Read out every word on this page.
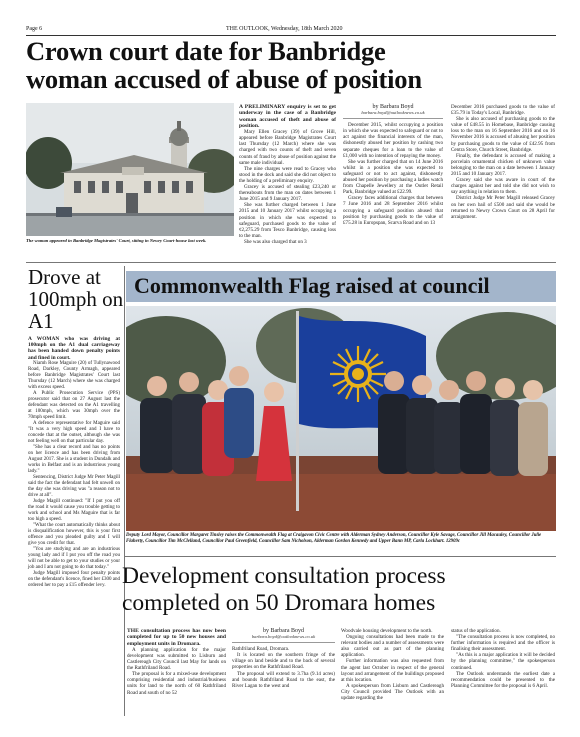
Page 6	THE OUTLOOK, Wednesday, 18th March 2020
Crown court date for Banbridge
woman accused of abuse of position
The woman appeared in Banbridge Magistrates' Court, sitting in Newry Court-house last week.

A PRELIMINARY enquiry is set to get underway in the case of a Banbridge woman accused of theft and abuse of position.

Mary Ellen Gracey (39) of Grove Hill, appeared before Banbridge Magistrates Court last Thursday (12 March) where she was charged with two counts of theft and seven counts of fraud by abuse of position against the same male individual.

The nine charges were read to Gracey who stood in the dock and said she did not object to the holding of a preliminary enquiry.

Gracey is accused of stealing £23,240 or thereabouts from the man on dates between 1 June 2015 and 9 January 2017.

She was further charged between 1 June 2015 and 10 January 2017 whilst occupying a position in which she was expected to safeguard, purchased goods to the value of ¢2,275.29 from Tesco Banbridge, causing loss to the man.

She was also charged that on 3

by Barbara Boyd
barbara.boyd@outlooknews.co.uk

December 2015, whilst occupying a position in which she was expected to safeguard or not to act against the financial interests of the man, dishonestly abused her position by cashing two separate cheques for a loan to the value of £1,000 with no intention of repaying the money.

She was further charged that on 14 June 2016 whilst in a position she was expected to safeguard or not to act against, dishonestly abused her position by purchasing a ladies watch from Chapelle Jewellery at the Outlet Retail Park, Banbridge valued at £22.99.

Gracey faces additional charges that between 7 June 2016 and 28 September 2016 whilst occupying a safeguard position abused that position by purchasing goods to the value of £75.28 in Europspan, Scarva Road and on 13

December 2016 purchased goods to the value of £35.79 in Today's Local, Banbridge.

She is also accused of purchasing goods to the value of £48.55 in Homebase, Banbridge causing loss to the man on 16 September 2016 and on 16 November 2016 is accused of abusing her position by purchasing goods to the value of £42.95 from Centra Store, Church Street, Banbridge.

Finally, the defendant is accused of making a porcelain ornamental chicken of unknown value belonging to the man on a date between 1 January 2015 and 10 January 2017.

Gracey said she was aware in court of the charges against her and told she did not wish to say anything in relation to them.

District Judge Mr Peter Magill released Gracey on her own bail of £500 and said she would be returned to Newry Crown Court on 28 April for arraignment.

Drove at 100mph on A1

A WOMAN who was driving at 100mph on the A1 dual carriageway has been handed down penalty points and fined in court.

Niamh Rose Maguire (20) of Tullynawood Road, Darkley, County Armagh, appeared before Banbridge Magistrates' Court last Thursday (12 March) where she was charged with excess speed.

A Public Prosecution Service (PPS) prosecutor said that on 27 August last the defendant was detected on the A1 travelling at 100mph, which was 30mph over the 70mph speed limit.

A defence representative for Maguire said "It was a very high speed and I have to concede that at the outset, although she was not feeling well on that particular day.

"She has a clear record and has no points on her licence and has been driving from August 2017. She is a student in Dundalk and works in Belfast and is an industrious young lady."

Sentencing, District Judge Mr Peter Magill said the fact the defendant had felt unwell on the day she was driving was "a reason not to drive at all".

Judge Magill continued: "If I put you off the road it would cause you trouble getting to work and school and Ms Maguire that is far too high a speed.

"What the court automatically thinks about is disqualification however, this is your first offence and you pleaded guilty and I will give you credit for that.

"You are studying and are an industrious young lady and if I put you off the road you will not be able to get to your studies or your job and I am not going to do that today."

Judge Magill imposed four penalty points on the defendant's licence, fined her £300 and ordered her to pay a £15 offender levy.

Commonwealth Flag raised at council
Deputy Lord Mayor, Councillor Margaret Tinsley raises the Commonwealth Flag at Craigavon Civic Centre with Alderman Sydney Anderson, Councillor Kyle Savage, Councillor Jill Macauley, Councillor Julie Flaherty, Councillor Tim McClelland, Councillor Paul Greenfield, Councillor Sam Nicholson, Alderman Gordon Kennedy and Upper Bann MP, Carla Lockhart. 12909c
Development consultation process
completed on 50 Dromara homes

THE consultation process has now been completed for up to 50 new houses and employment units in Dromara.

A planning application for the major development was submitted to Lisburn and Castlereagh City Council last May for lands on the Rathfriland Road.

The proposal is for a mixed-use development comprising residential and industrial/business units for land to the north of 60 Rathfriland Road and south of no 52

by Barbara Boyd
barbara.boyd@outlooknews.co.uk

Rathfriland Road, Dromara.

It is located on the southern fringe of the village on land beside and to the back of several properties on the Rathfriland Road.

The proposal will extend to 3.7ha (9.14 acres) and bounds Rathfriland Road to the east, the River Lagan to the west and

Woodvale housing development to the north.

Ongoing consultations had been made to the relevant bodies and a number of assessments were also carried out as part of the planning application.

Further information was also requested from the agent last October in respect of the general layout and arrangement of the buildings proposed at this location.

A spokesperson from Lisburn and Castlereagh City Council provided The Outlook with an update regarding the

status of the application.

"The consultation process is now completed, no further information is required and the officer is finalising their assessment.

"As this is a major application it will be decided by the planning committee," the spokesperson continued.

The Outlook understands the earliest date a recommendation could be presented to the Planning Committee for the proposal is 6 April.
